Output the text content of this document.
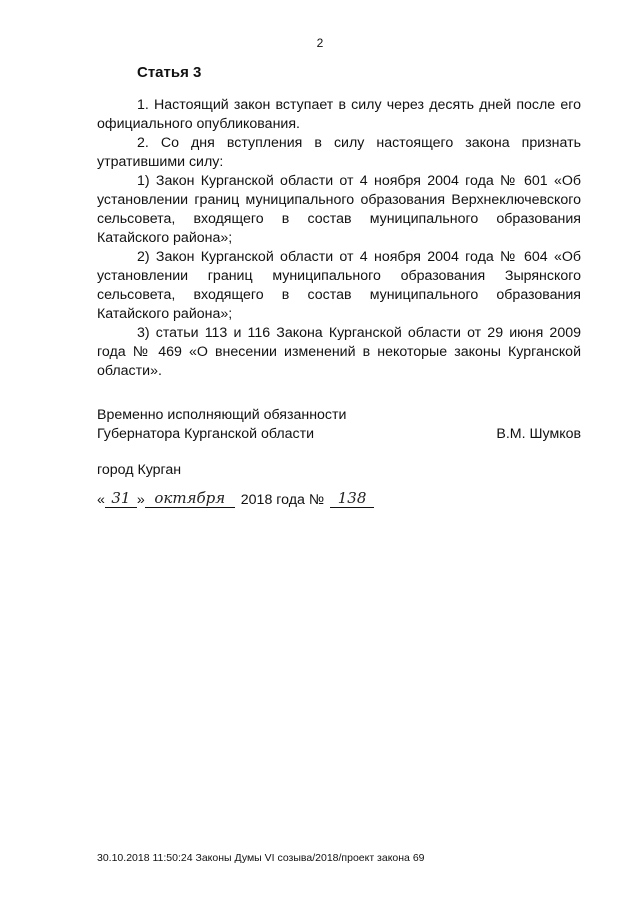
2
Статья 3

1. Настоящий закон вступает в силу через десять дней после его официального опубликования.

2. Со дня вступления в силу настоящего закона признать утратившими силу:

1) Закон Курганской области от 4 ноября 2004 года № 601 «Об установлении границ муниципального образования Верхнеключевского сельсовета, входящего в состав муниципального образования Катайского района»;

2) Закон Курганской области от 4 ноября 2004 года № 604 «Об установлении границ муниципального образования Зырянского сельсовета, входящего в состав муниципального образования Катайского района»;

3) статьи 113 и 116 Закона Курганской области от 29 июня 2009 года № 469 «О внесении изменений в некоторые законы Курганской области».

Временно исполняющий обязанности
Губернатора Курганской области	В.М. Шумков
город Курган
« 31 » октября	2018 года № 138
30.10.2018 11:50:24 Законы Думы VI созыва/2018/проект закона 69
